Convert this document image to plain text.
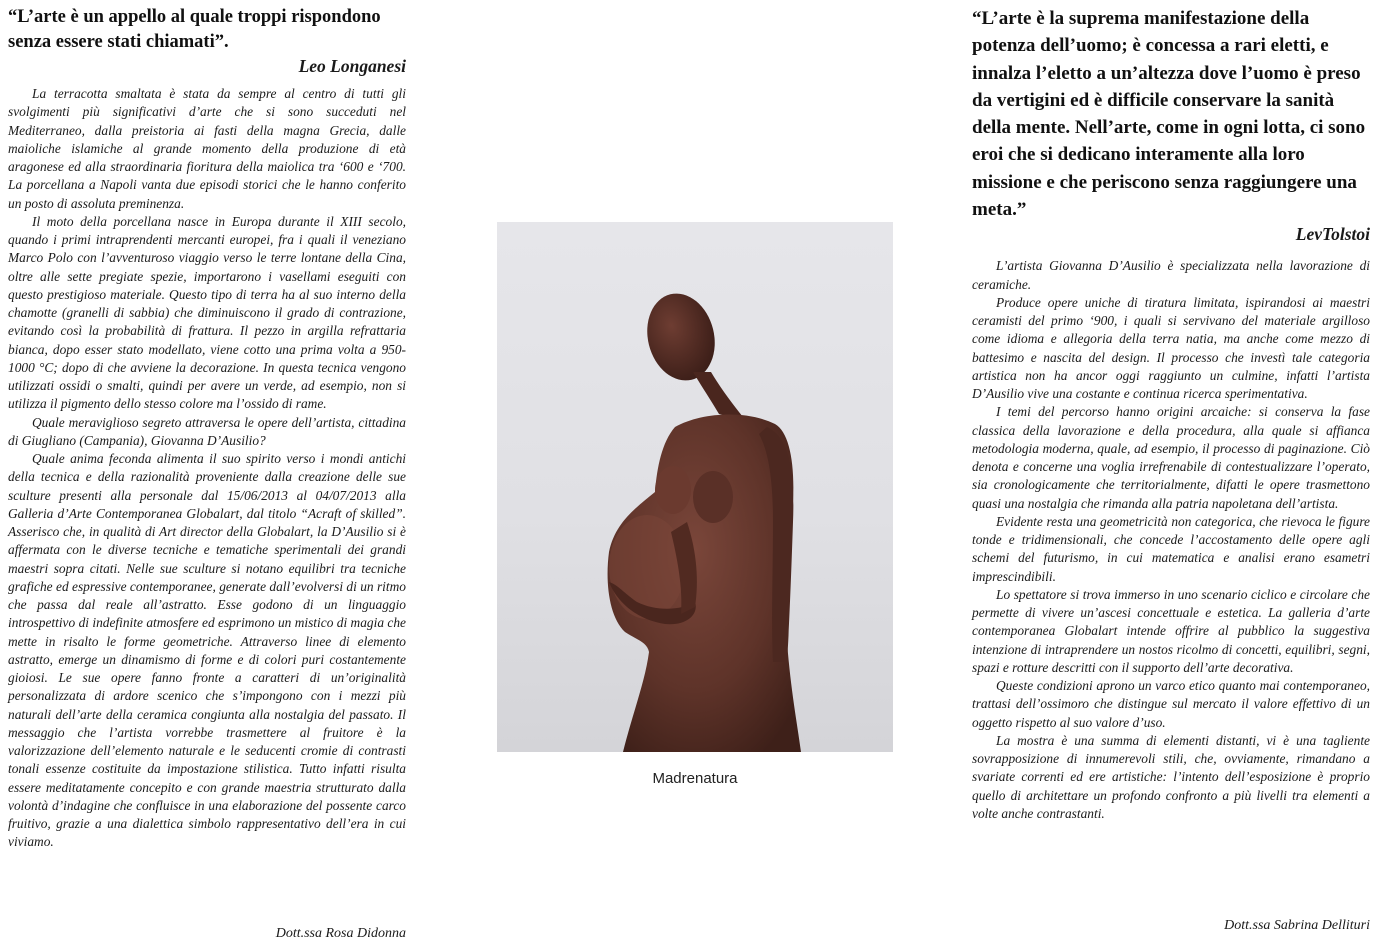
“L’arte è un appello al quale troppi rispondono senza essere stati chiamati”.

Leo Longanesi

La terracotta smaltata è stata da sempre al centro di tutti gli svolgimenti più significativi d’arte che si sono succeduti nel Mediterraneo, dalla preistoria ai fasti della magna Grecia, dalle maioliche islamiche al grande momento della produzione di età aragonese ed alla straordinaria fioritura della maiolica tra ‘600 e ‘700. La porcellana a Napoli vanta due episodi storici che le hanno conferito un posto di assoluta preminenza.

Il moto della porcellana nasce in Europa durante il XIII secolo, quando i primi intraprendenti mercanti europei, fra i quali il veneziano Marco Polo con l’avventuroso viaggio verso le terre lontane della Cina, oltre alle sette pregiate spezie, importarono i vasellami eseguiti con questo prestigioso materiale. Questo tipo di terra ha al suo interno della chamotte (granelli di sabbia) che diminuiscono il grado di contrazione, evitando così la probabilità di frattura. Il pezzo in argilla refrattaria bianca, dopo esser stato modellato, viene cotto una prima volta a 950-1000 °C; dopo di che avviene la decorazione. In questa tecnica vengono utilizzati ossidi o smalti, quindi per avere un verde, ad esempio, non si utilizza il pigmento dello stesso colore ma l’ossido di rame.

Quale meraviglioso segreto attraversa le opere dell’artista, cittadina di Giugliano (Campania), Giovanna D’Ausilio?

Quale anima feconda alimenta il suo spirito verso i mondi antichi della tecnica e della razionalità proveniente dalla creazione delle sue sculture presenti alla personale dal 15/06/2013 al 04/07/2013 alla Galleria d’Arte Contemporanea Globalart, dal titolo “Acraft of skilled”. Asserisco che, in qualità di Art director della Globalart, la D’Ausilio si è affermata con le diverse tecniche e tematiche sperimentali dei grandi maestri sopra citati. Nelle sue sculture si notano equilibri tra tecniche grafiche ed espressive contemporanee, generate dall’evolversi di un ritmo che passa dal reale all’astratto. Esse godono di un linguaggio introspettivo di indefinite atmosfere ed esprimono un mistico di magia che mette in risalto le forme geometriche. Attraverso linee di elemento astratto, emerge un dinamismo di forme e di colori puri costantemente gioiosi. Le sue opere fanno fronte a caratteri di un’originalità personalizzata di ardore scenico che s’impongono con i mezzi più naturali dell’arte della ceramica congiunta alla nostalgia del passato. Il messaggio che l’artista vorrebbe trasmettere al fruitore è la valorizzazione dell’elemento naturale e le seducenti cromie di contrasti tonali essenze costituite da impostazione stilistica. Tutto infatti risulta essere meditatamente concepito e con grande maestria strutturato dalla volontà d’indagine che confluisce in una elaborazione del possente carco fruitivo, grazie a una dialettica simbolo rappresentativo dell’era in cui viviamo.

Dott.ssa Rosa Didonna
Madrenatura

“L’arte è la suprema manifestazione della potenza dell’uomo; è concessa a rari eletti, e innalza l’eletto a un’altezza dove l’uomo è preso da vertigini ed è difficile conservare la sanità della mente. Nell’arte, come in ogni lotta, ci sono eroi che si dedicano interamente alla loro missione e che periscono senza raggiungere una meta.”

LevTolstoi

L’artista Giovanna D’Ausilio è specializzata nella lavorazione di ceramiche.

Produce opere uniche di tiratura limitata, ispirandosi ai maestri ceramisti del primo ‘900, i quali si servivano del materiale argilloso come idioma e allegoria della terra natia, ma anche come mezzo di battesimo e nascita del design. Il processo che investì tale categoria artistica non ha ancor oggi raggiunto un culmine, infatti l’artista D’Ausilio vive una costante e continua ricerca sperimentativa.

I temi del percorso hanno origini arcaiche: si conserva la fase classica della lavorazione e della procedura, alla quale si affianca metodologia moderna, quale, ad esempio, il processo di paginazione. Ciò denota e concerne una voglia irrefrenabile di contestualizzare l’operato, sia cronologicamente che territorialmente, difatti le opere trasmettono quasi una nostalgia che rimanda alla patria napoletana dell’artista.

Evidente resta una geometricità non categorica, che rievoca le figure tonde e tridimensionali, che concede l’accostamento delle opere agli schemi del futurismo, in cui matematica e analisi erano esametri imprescindibili.

Lo spettatore si trova immerso in uno scenario ciclico e circolare che permette di vivere un’ascesi concettuale e estetica. La galleria d’arte contemporanea Globalart intende offrire al pubblico la suggestiva intenzione di intraprendere un nostos ricolmo di concetti, equilibri, segni, spazi e rotture descritti con il supporto dell’arte decorativa.

Queste condizioni aprono un varco etico quanto mai contemporaneo, trattasi dell’ossimoro che distingue sul mercato il valore effettivo di un oggetto rispetto al suo valore d’uso.

La mostra è una summa di elementi distanti, vi è una tagliente sovrapposizione di innumerevoli stili, che, ovviamente, rimandano a svariate correnti ed ere artistiche: l’intento dell’esposizione è proprio quello di architettare un profondo confronto a più livelli tra elementi a volte anche contrastanti.

Dott.ssa Sabrina Dellituri
